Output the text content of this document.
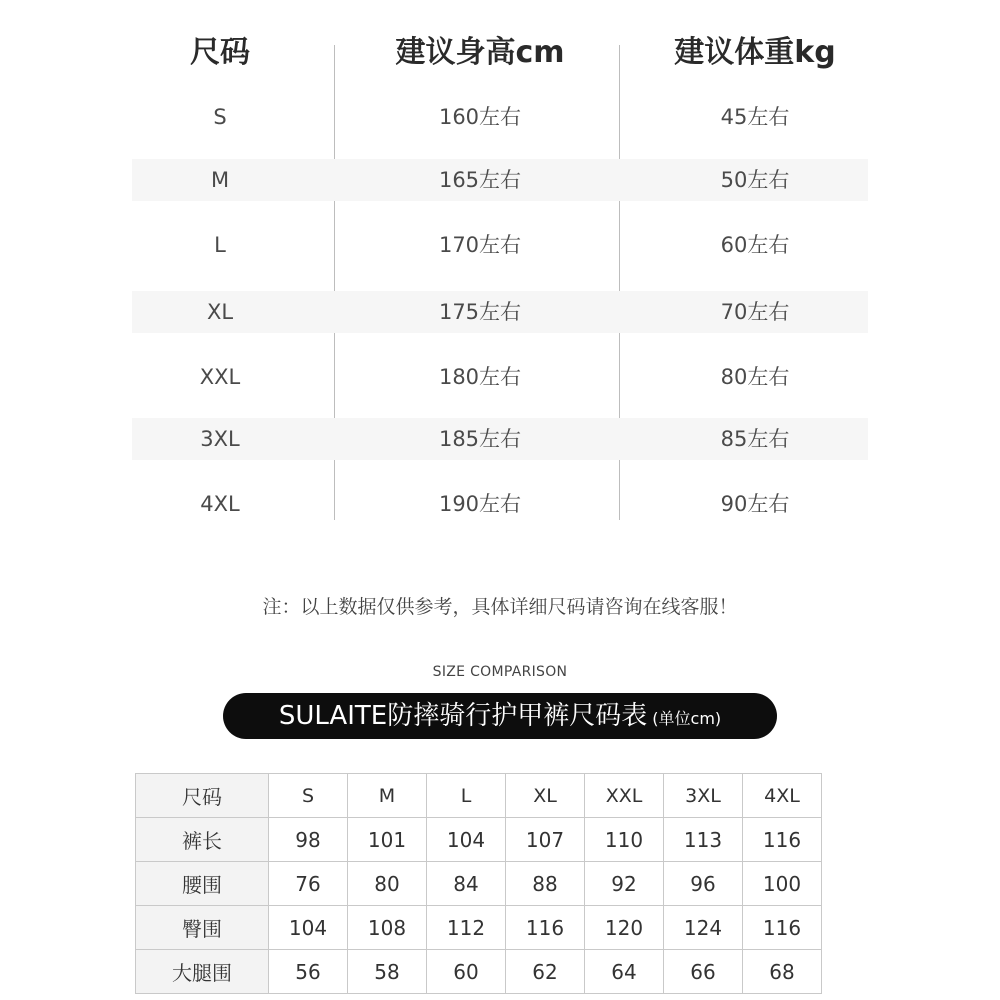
尺码	建议身高cm	建议体重kg
S	160左右	45左右
M	165左右	50左右
L	170左右	60左右
XL	175左右	70左右
XXL	180左右	80左右
3XL	185左右	85左右
4XL	190左右	90左右
注：以上数据仅供参考，具体详细尺码请咨询在线客服！
SIZE COMPARISON
SULAITE防摔骑行护甲裤尺码表 (单位cm)
尺码	S	M	L	XL	XXL	3XL	4XL
裤长	98	101	104	107	110	113	116
腰围	76	80	84	88	92	96	100
臀围	104	108	112	116	120	124	116
大腿围	56	58	60	62	64	66	68
